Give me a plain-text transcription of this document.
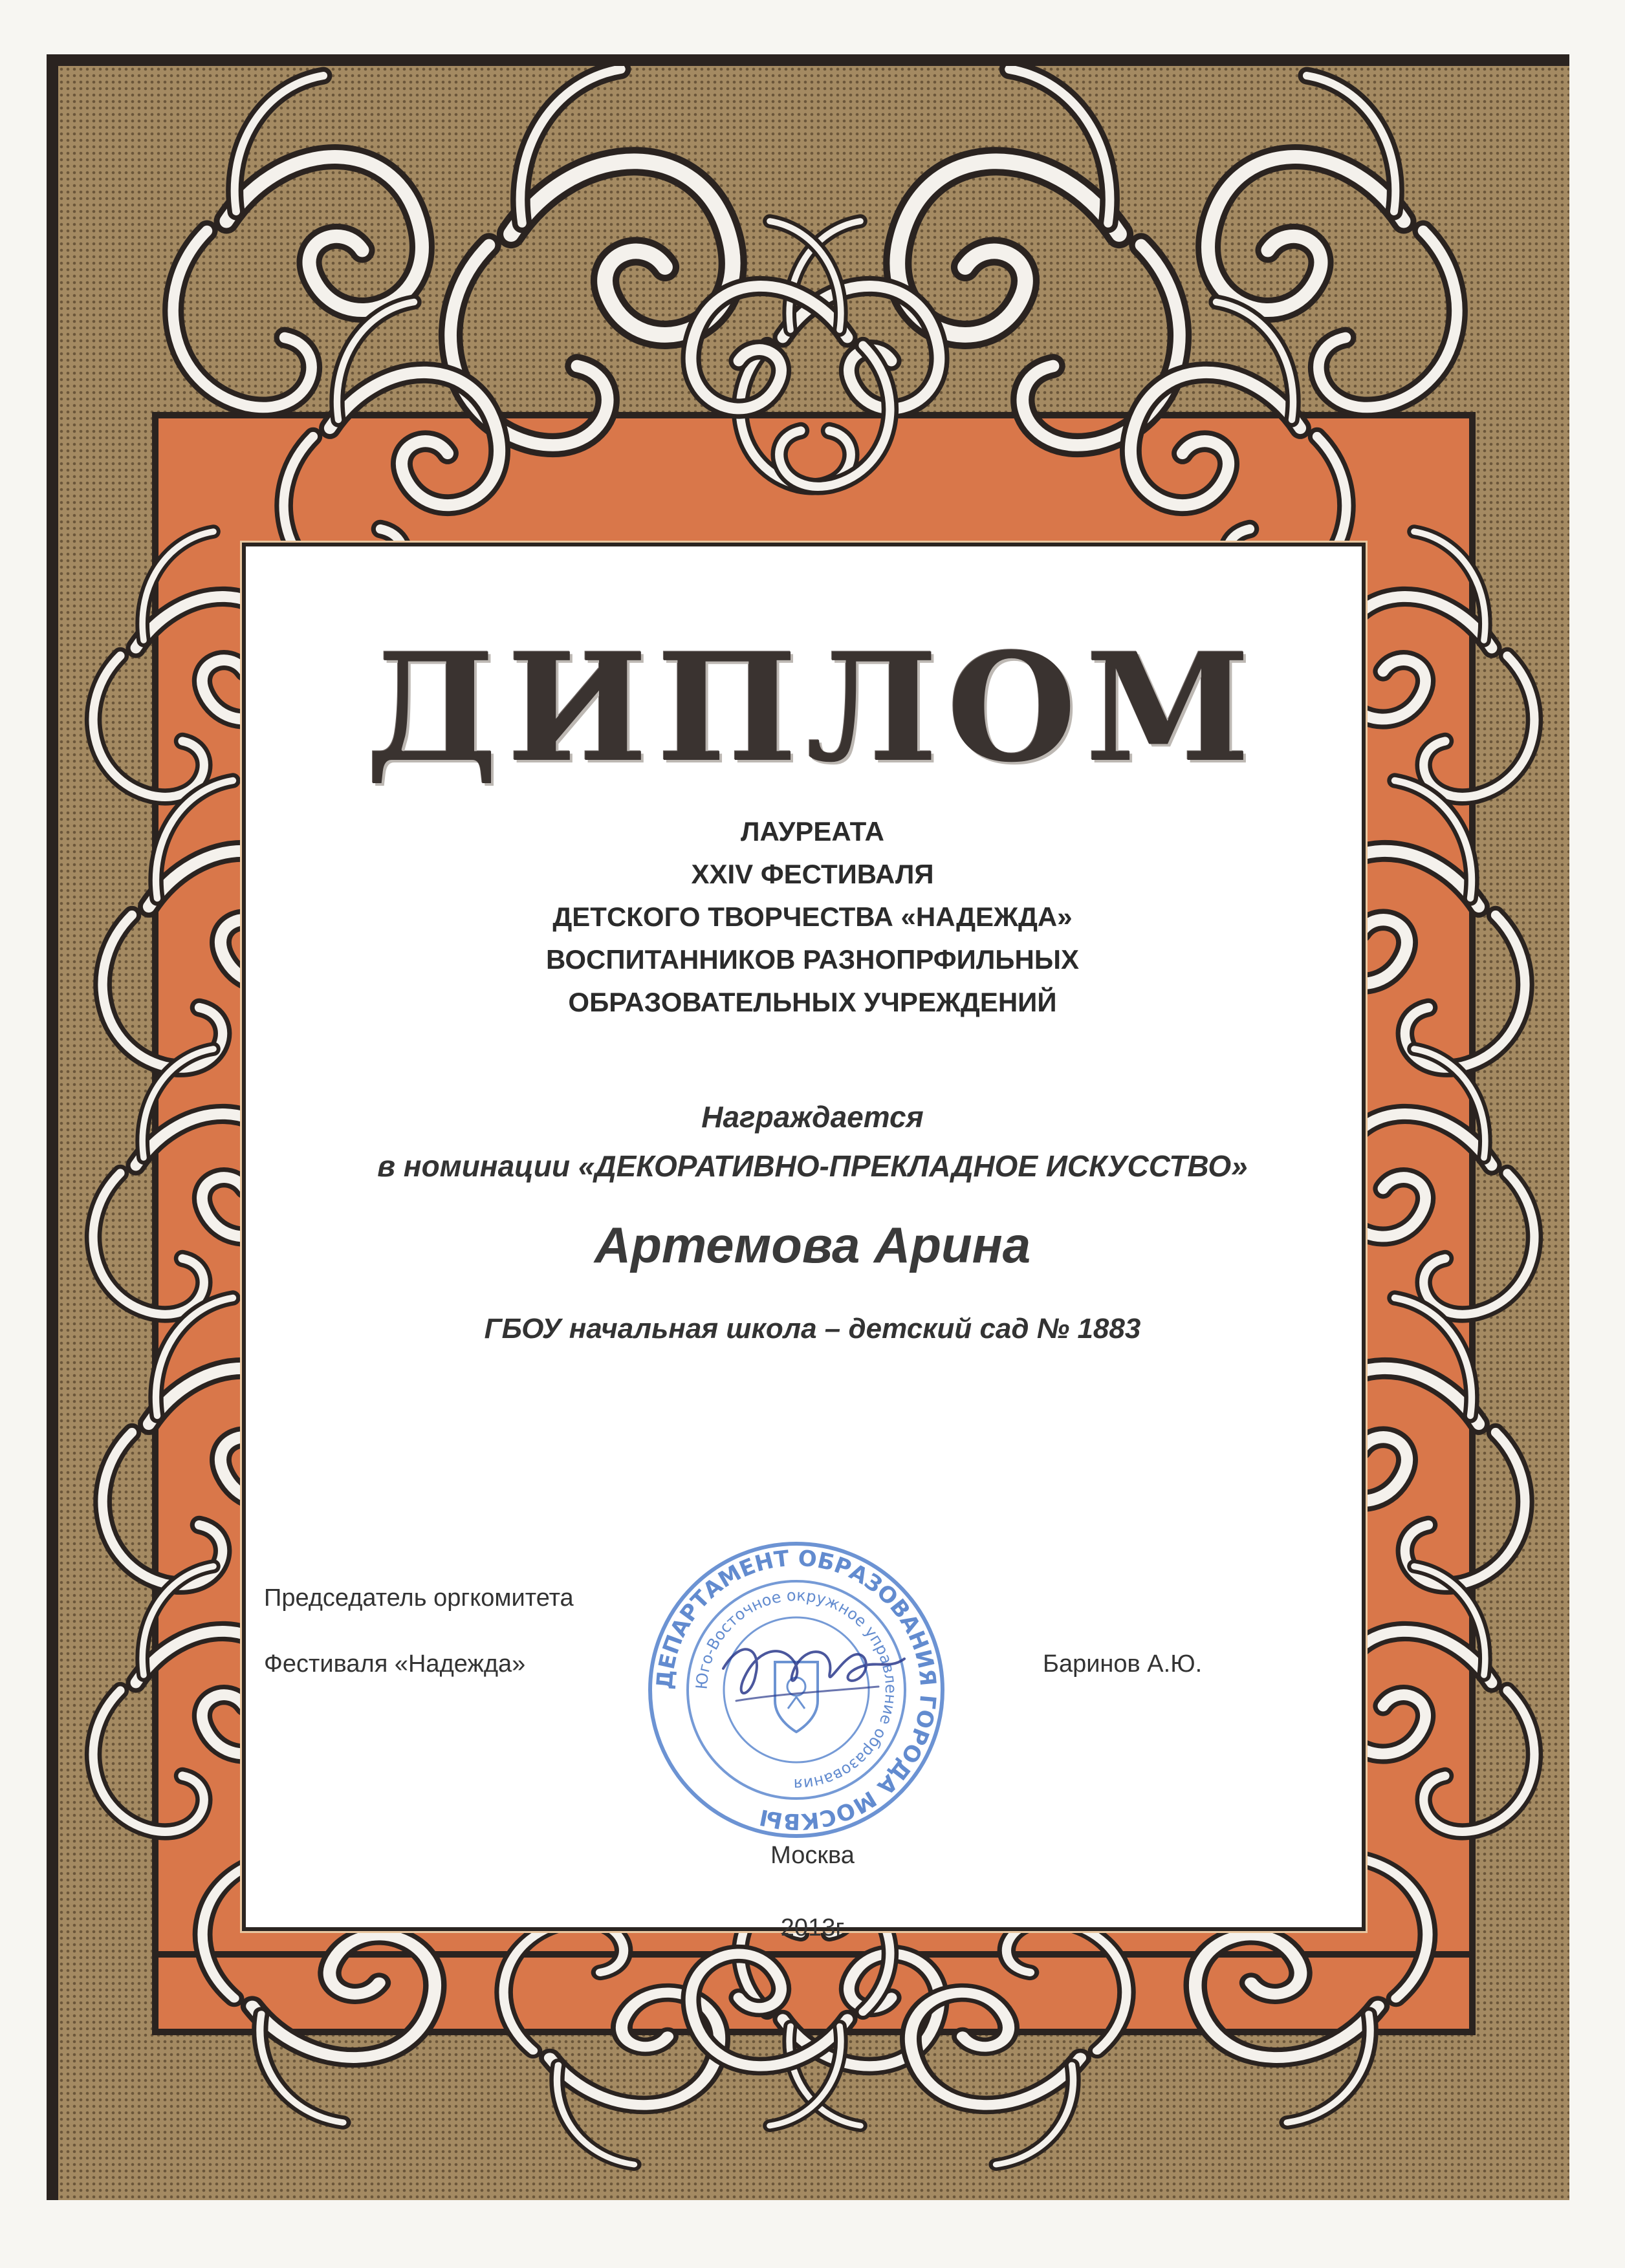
ДИПЛОМ
ЛАУРЕАТА
XXIV ФЕСТИВАЛЯ
ДЕТСКОГО ТВОРЧЕСТВА «НАДЕЖДА»
ВОСПИТАННИКОВ РАЗНОПРФИЛЬНЫХ
ОБРАЗОВАТЕЛЬНЫХ УЧРЕЖДЕНИЙ
Награждается
в номинации «ДЕКОРАТИВНО-ПРЕКЛАДНОЕ ИСКУССТВО»
Артемова Арина
ГБОУ начальная школа – детский сад № 1883
Председатель оргкомитета
Фестиваля «Надежда»	Баринов А.Ю.
ДЕПАРТАМЕНТ ОБРАЗОВАНИЯ ГОРОДА МОСКВЫ
Юго-Восточное окружное управление образования
Москва
2013г
